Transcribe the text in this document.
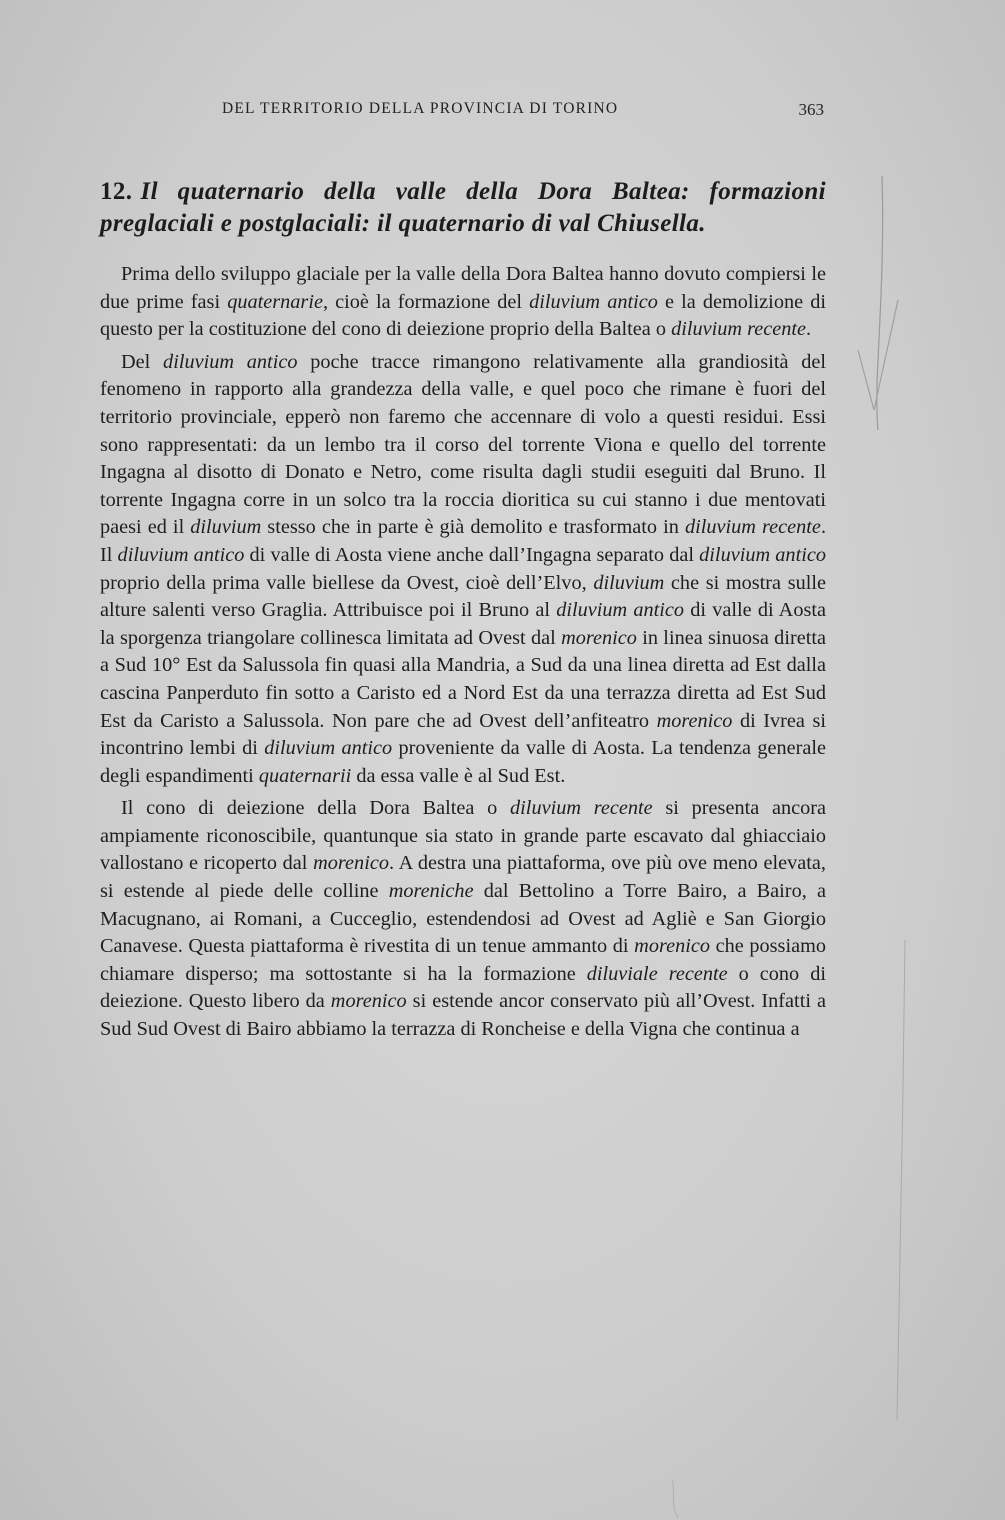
DEL TERRITORIO DELLA PROVINCIA DI TORINO	363
12. Il quaternario della valle della Dora Baltea: formazioni preglaciali e postglaciali: il quaternario di val Chiusella.

Prima dello sviluppo glaciale per la valle della Dora Baltea hanno dovuto compiersi le due prime fasi quaternarie, cioè la formazione del diluvium antico e la demolizione di questo per la costituzione del cono di deiezione proprio della Baltea o diluvium recente.

Del diluvium antico poche tracce rimangono relativamente alla grandiosità del fenomeno in rapporto alla grandezza della valle, e quel poco che rimane è fuori del territorio provinciale, epperò non faremo che accennare di volo a questi residui. Essi sono rappresentati: da un lembo tra il corso del torrente Viona e quello del torrente Ingagna al disotto di Donato e Netro, come risulta dagli studii eseguiti dal Bruno. Il torrente Ingagna corre in un solco tra la roccia dioritica su cui stanno i due mentovati paesi ed il diluvium stesso che in parte è già demolito e trasformato in diluvium recente. Il diluvium antico di valle di Aosta viene anche dall’Ingagna separato dal diluvium antico proprio della prima valle biellese da Ovest, cioè dell’Elvo, diluvium che si mostra sulle alture salenti verso Graglia. Attribuisce poi il Bruno al diluvium antico di valle di Aosta la sporgenza triangolare collinesca limitata ad Ovest dal morenico in linea sinuosa diretta a Sud 10° Est da Salussola fin quasi alla Mandria, a Sud da una linea diretta ad Est dalla cascina Panperduto fin sotto a Caristo ed a Nord Est da una terrazza diretta ad Est Sud Est da Caristo a Salussola. Non pare che ad Ovest dell’anfiteatro morenico di Ivrea si incontrino lembi di diluvium antico proveniente da valle di Aosta. La tendenza generale degli espandimenti quaternarii da essa valle è al Sud Est.

Il cono di deiezione della Dora Baltea o diluvium recente si presenta ancora ampiamente riconoscibile, quantunque sia stato in grande parte escavato dal ghiacciaio vallostano e ricoperto dal morenico. A destra una piattaforma, ove più ove meno elevata, si estende al piede delle colline moreniche dal Bettolino a Torre Bairo, a Bairo, a Macugnano, ai Romani, a Cucceglio, estendendosi ad Ovest ad Agliè e San Giorgio Canavese. Questa piattaforma è rivestita di un tenue ammanto di morenico che possiamo chiamare disperso; ma sottostante si ha la formazione diluviale recente o cono di deiezione. Questo libero da morenico si estende ancor conservato più all’Ovest. Infatti a Sud Sud Ovest di Bairo abbiamo la terrazza di Roncheise e della Vigna che continua a
